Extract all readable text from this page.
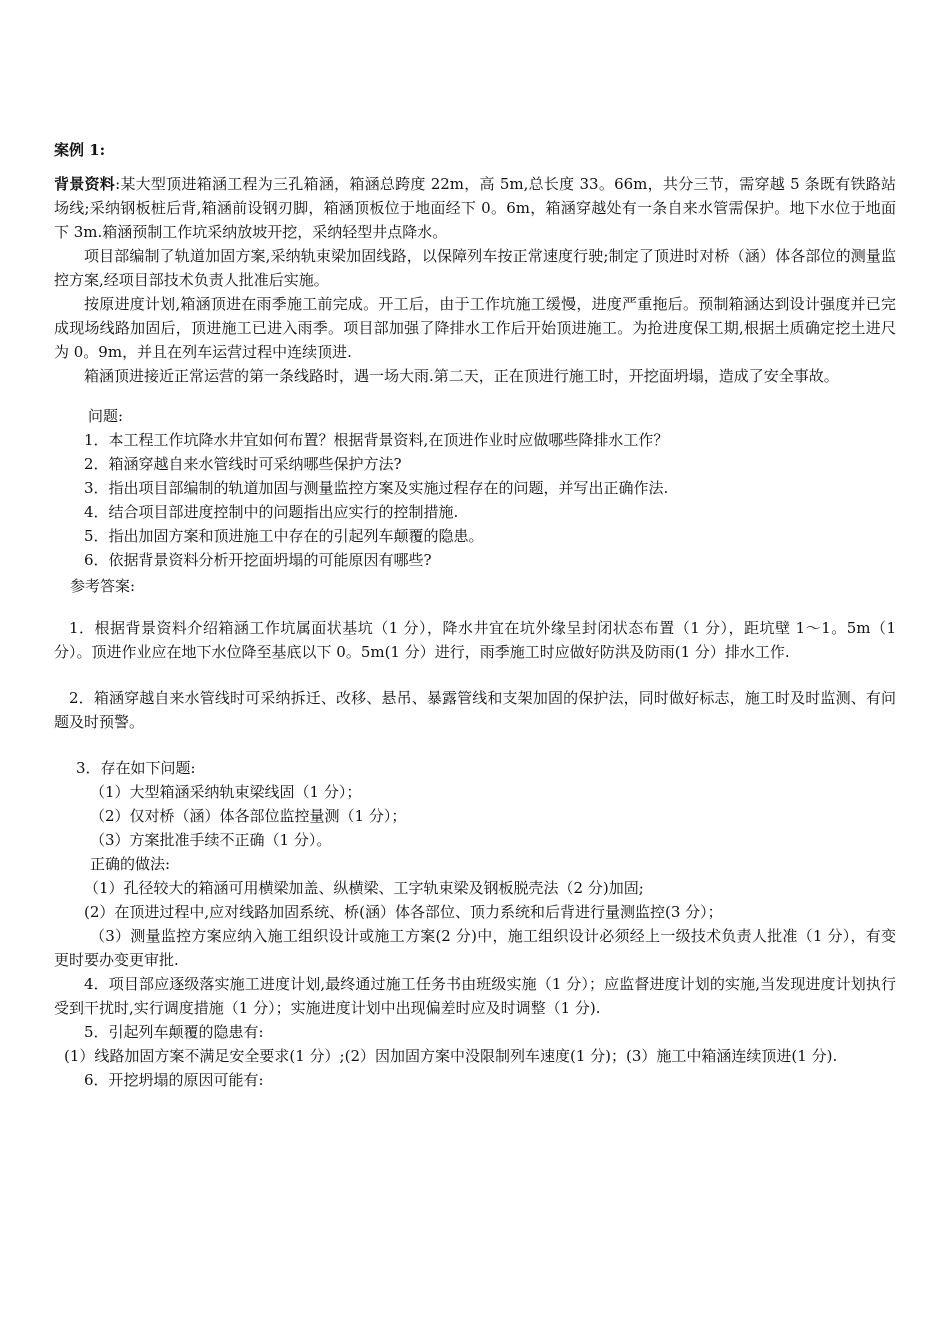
案例 1:

背景资料:某大型顶进箱涵工程为三孔箱涵，箱涵总跨度 22m，高 5m,总长度 33。66m，共分三节，需穿越 5 条既有铁路站场线;采纳钢板桩后背,箱涵前设钢刃脚，箱涵顶板位于地面经下 0。6m，箱涵穿越处有一条自来水管需保护。地下水位于地面下 3m.箱涵预制工作坑采纳放坡开挖，采纳轻型井点降水。

项目部编制了轨道加固方案,采纳轨束梁加固线路，以保障列车按正常速度行驶;制定了顶进时对桥（涵）体各部位的测量监控方案,经项目部技术负责人批准后实施。

按原进度计划,箱涵顶进在雨季施工前完成。开工后，由于工作坑施工缓慢，进度严重拖后。预制箱涵达到设计强度并已完成现场线路加固后，顶进施工已进入雨季。项目部加强了降排水工作后开始顶进施工。为抢进度保工期,根据土质确定挖土进尺为 0。9m，并且在列车运营过程中连续顶进.

箱涵顶进接近正常运营的第一条线路时，遇一场大雨.第二天，正在顶进行施工时，开挖面坍塌，造成了安全事故。

问题:

1．本工程工作坑降水井宜如何布置？根据背景资料,在顶进作业时应做哪些降排水工作？

2．箱涵穿越自来水管线时可采纳哪些保护方法?

3．指出项目部编制的轨道加固与测量监控方案及实施过程存在的问题，并写出正确作法.

4．结合项目部进度控制中的问题指出应实行的控制措施.

5．指出加固方案和顶进施工中存在的引起列车颠覆的隐患。

6．依据背景资料分析开挖面坍塌的可能原因有哪些?

参考答案:

1．根据背景资料介绍箱涵工作坑属面状基坑（1 分），降水井宜在坑外缘呈封闭状态布置（1 分），距坑壁 1～1。5m（1 分）。顶进作业应在地下水位降至基底以下 0。5m(1 分）进行，雨季施工时应做好防洪及防雨(1 分）排水工作.

2．箱涵穿越自来水管线时可采纳拆迁、改移、悬吊、暴露管线和支架加固的保护法，同时做好标志，施工时及时监测、有问题及时预警。

3．存在如下问题:

（1）大型箱涵采纳轨束梁线固（1 分）；

（2）仅对桥（涵）体各部位监控量测（1 分）；

（3）方案批准手续不正确（1 分）。

正确的做法:

（1）孔径较大的箱涵可用横梁加盖、纵横梁、工字轨束梁及钢板脱壳法（2 分)加固;

(2）在顶进过程中,应对线路加固系统、桥(涵）体各部位、顶力系统和后背进行量测监控(3 分）；

（3）测量监控方案应纳入施工组织设计或施工方案(2 分)中，施工组织设计必须经上一级技术负责人批准（1 分），有变更时要办变更审批.

4．项目部应逐级落实施工进度计划,最终通过施工任务书由班级实施（1 分）；应监督进度计划的实施,当发现进度计划执行受到干扰时,实行调度措施（1 分）；实施进度计划中出现偏差时应及时调整（1 分).

5．引起列车颠覆的隐患有:

(1）线路加固方案不满足安全要求(1 分）;(2）因加固方案中没限制列车速度(1 分)；(3）施工中箱涵连续顶进(1 分).

6．开挖坍塌的原因可能有:
